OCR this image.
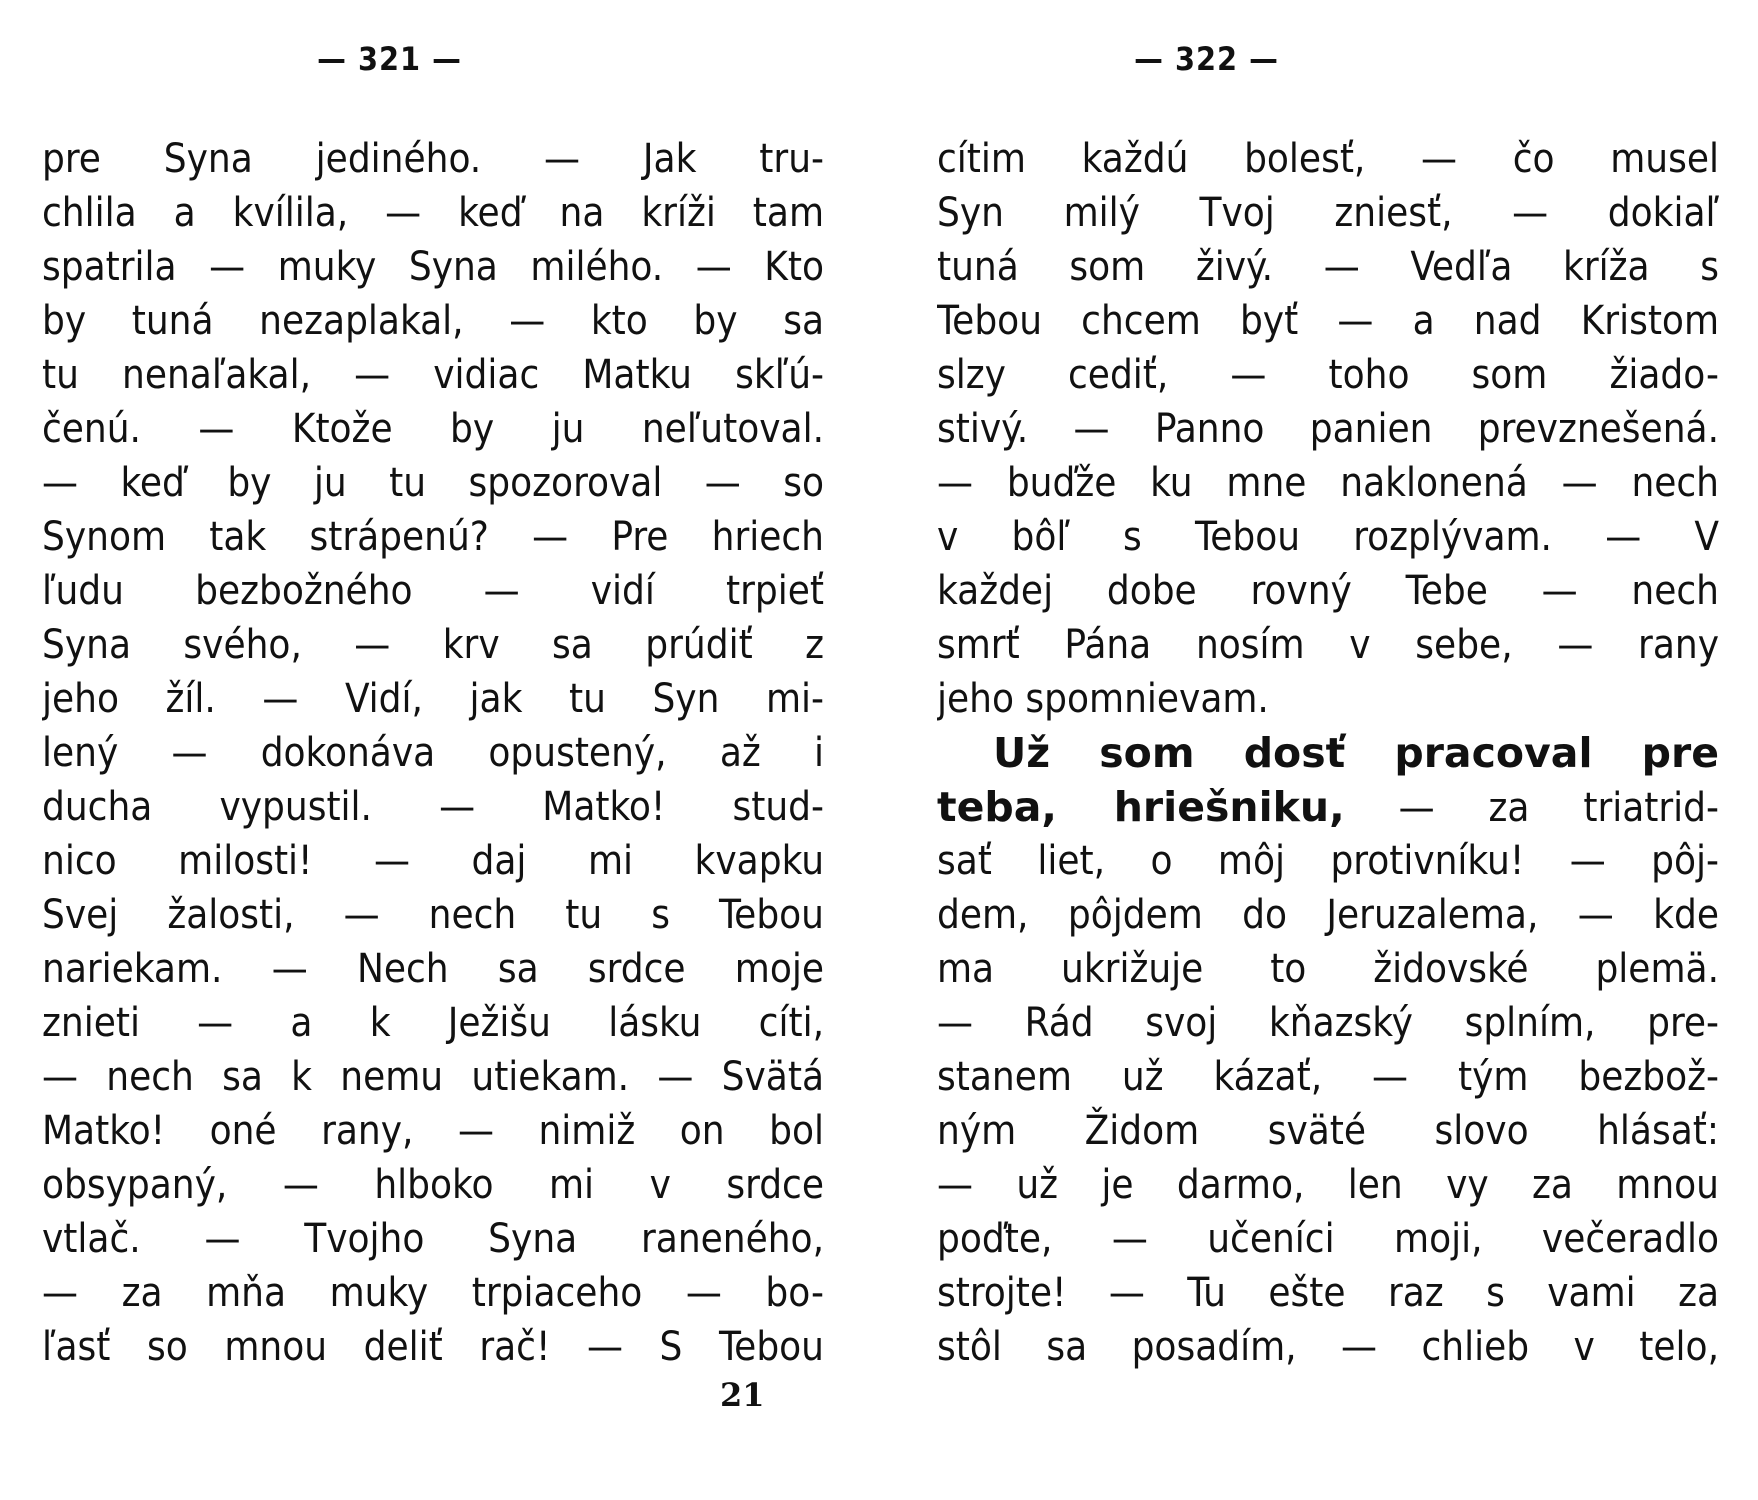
— 321 —
pre Syna jediného. — Jak tru-
chlila a kvílila, — keď na kríži tam
spatrila — muky Syna milého. — Kto
by tuná nezaplakal, — kto by sa
tu nenaľakal, — vidiac Matku skľú-
čenú. — Ktože by ju neľutoval.
— keď by ju tu spozoroval — so
Synom tak strápenú? — Pre hriech
ľudu bezbožného — vidí trpieť
Syna svého, — krv sa prúdiť z
jeho žíl. — Vidí, jak tu Syn mi-
lený — dokonáva opustený, až i
ducha vypustil. — Matko! stud-
nico milosti! — daj mi kvapku
Svej žalosti, — nech tu s Tebou
nariekam. — Nech sa srdce moje
znieti — a k Ježišu lásku cíti,
— nech sa k nemu utiekam. — Svätá
Matko! oné rany, — nimiž on bol
obsypaný, — hlboko mi v srdce
vtlač. — Tvojho Syna raneného,
— za mňa muky trpiaceho — bo-
ľasť so mnou deliť rač! — S Tebou
21
— 322 —
cítim každú bolesť, — čo musel
Syn milý Tvoj zniesť, — dokiaľ
tuná som živý. — Vedľa kríža s
Tebou chcem byť — a nad Kristom
slzy cediť, — toho som žiado-
stivý. — Panno panien prevznešená.
— buďže ku mne naklonená — nech
v bôľ s Tebou rozplývam. — V
každej dobe rovný Tebe — nech
smrť Pána nosím v sebe, — rany
jeho spomnievam.
Už som dosť pracoval pre
teba, hriešniku, — za triatrid-
sať liet, o môj protivníku! — pôj-
dem, pôjdem do Jeruzalema, — kde
ma ukrižuje to židovské plemä.
— Rád svoj kňazský splním, pre-
stanem už kázať, — tým bezbož-
ným Židom sväté slovo hlásať:
— už je darmo, len vy za mnou
poďte, — učeníci moji, večeradlo
strojte! — Tu ešte raz s vami za
stôl sa posadím, — chlieb v telo,
